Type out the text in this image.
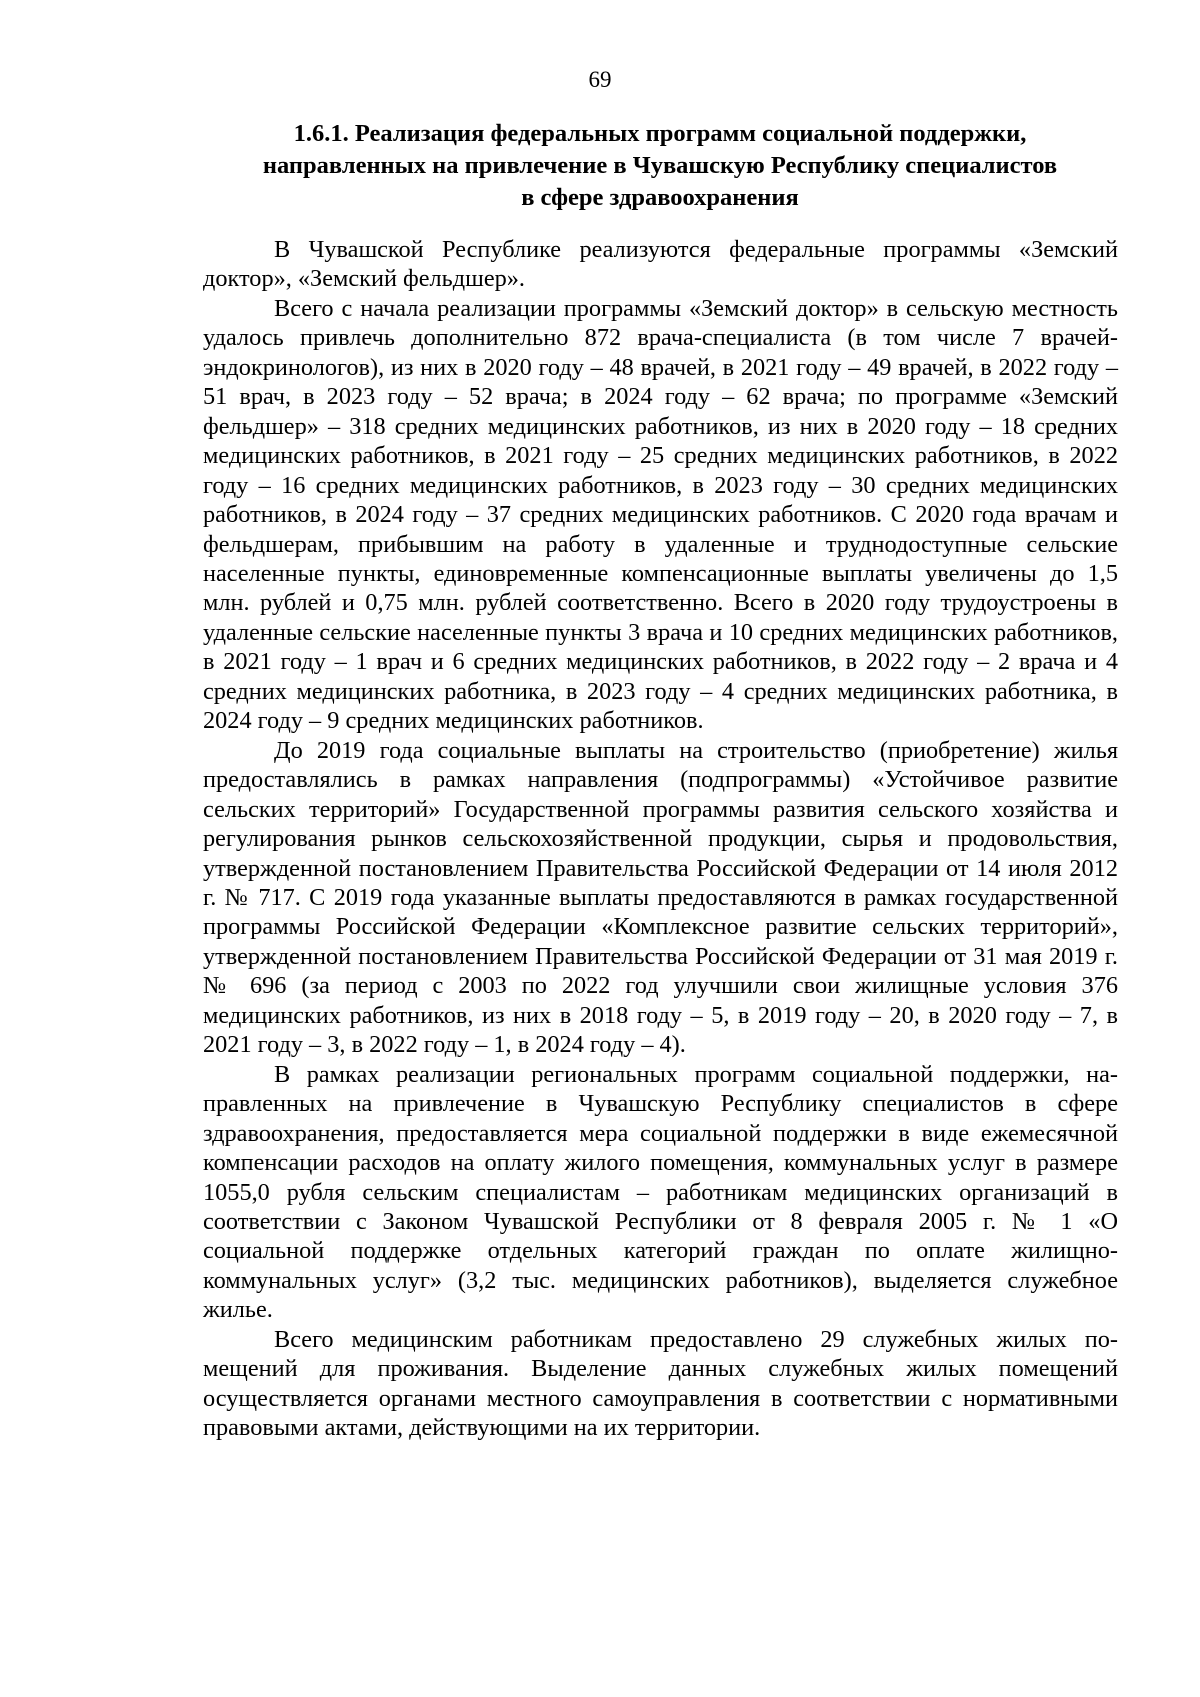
69
1.6.1. Реализация федеральных программ социальной поддержки,
направленных на привлечение в Чувашскую Республику специалистов
в сфере здравоохранения

В Чувашской Республике реализуются федеральные программы «Земский доктор», «Земский фельдшер».

Всего с начала реализации программы «Земский доктор» в сельскую местность удалось привлечь дополнительно 872 врача-специалиста (в том числе 7 врачей-эндокринологов), из них в 2020 году – 48 врачей, в 2021 году – 49 врачей, в 2022 году – 51 врач, в 2023 году – 52 врача; в 2024 году – 62 врача; по программе «Земский фельдшер» – 318 средних медицинских работников, из них в 2020 году – 18 средних медицинских работников, в 2021 году – 25 средних медицинских работников, в 2022 году – 16 средних медицинских работников, в 2023 году – 30 средних медицинских работников, в 2024 году – 37 средних медицинских работников. С 2020 года врачам и фельдшерам, прибывшим на работу в удаленные и труднодоступные сельские населенные пункты, единовременные компенсационные выплаты увеличены до 1,5 млн. рублей и 0,75 млн. рублей соответственно. Всего в 2020 году трудоустроены в удаленные сельские населенные пункты 3 врача и 10 средних медицинских работников, в 2021 году – 1 врач и 6 средних медицинских работников, в 2022 году – 2 врача и 4 средних медицинских работника, в 2023 году – 4 средних медицинских работника, в 2024 году – 9 средних медицинских работников.

До 2019 года социальные выплаты на строительство (приобретение) жилья предоставлялись в рамках направления (подпрограммы) «Устойчивое развитие сельских территорий» Государственной программы развития сельского хозяйства и регулирования рынков сельскохозяйственной продукции, сырья и продовольствия, утвержденной постановлением Правительства Российской Федерации от 14 июля 2012 г. № 717. С 2019 года указанные выплаты предоставляются в рамках государственной программы Российской Федерации «Комплексное развитие сельских территорий», утвержденной постановлением Правительства Российской Федерации от 31 мая 2019 г. № 696 (за период с 2003 по 2022 год улучшили свои жилищные условия 376 медицинских работников, из них в 2018 году – 5, в 2019 году – 20, в 2020 году – 7, в 2021 году – 3, в 2022 году – 1, в 2024 году – 4).

В рамках реализации региональных программ социальной поддержки, направленных на привлечение в Чувашскую Республику специалистов в сфере здравоохранения, предоставляется мера социальной поддержки в виде ежемесячной компенсации расходов на оплату жилого помещения, коммунальных услуг в размере 1055,0 рубля сельским специалистам – работникам медицинских организаций в соответствии с Законом Чувашской Республики от 8 февраля 2005 г. № 1 «О социальной поддержке отдельных категорий граждан по оплате жилищно-коммунальных услуг» (3,2 тыс. медицинских работников), выделяется служебное жилье.

Всего медицинским работникам предоставлено 29 служебных жилых помещений для проживания. Выделение данных служебных жилых помещений осуществляется органами местного самоуправления в соответствии с нормативными правовыми актами, действующими на их территории.
